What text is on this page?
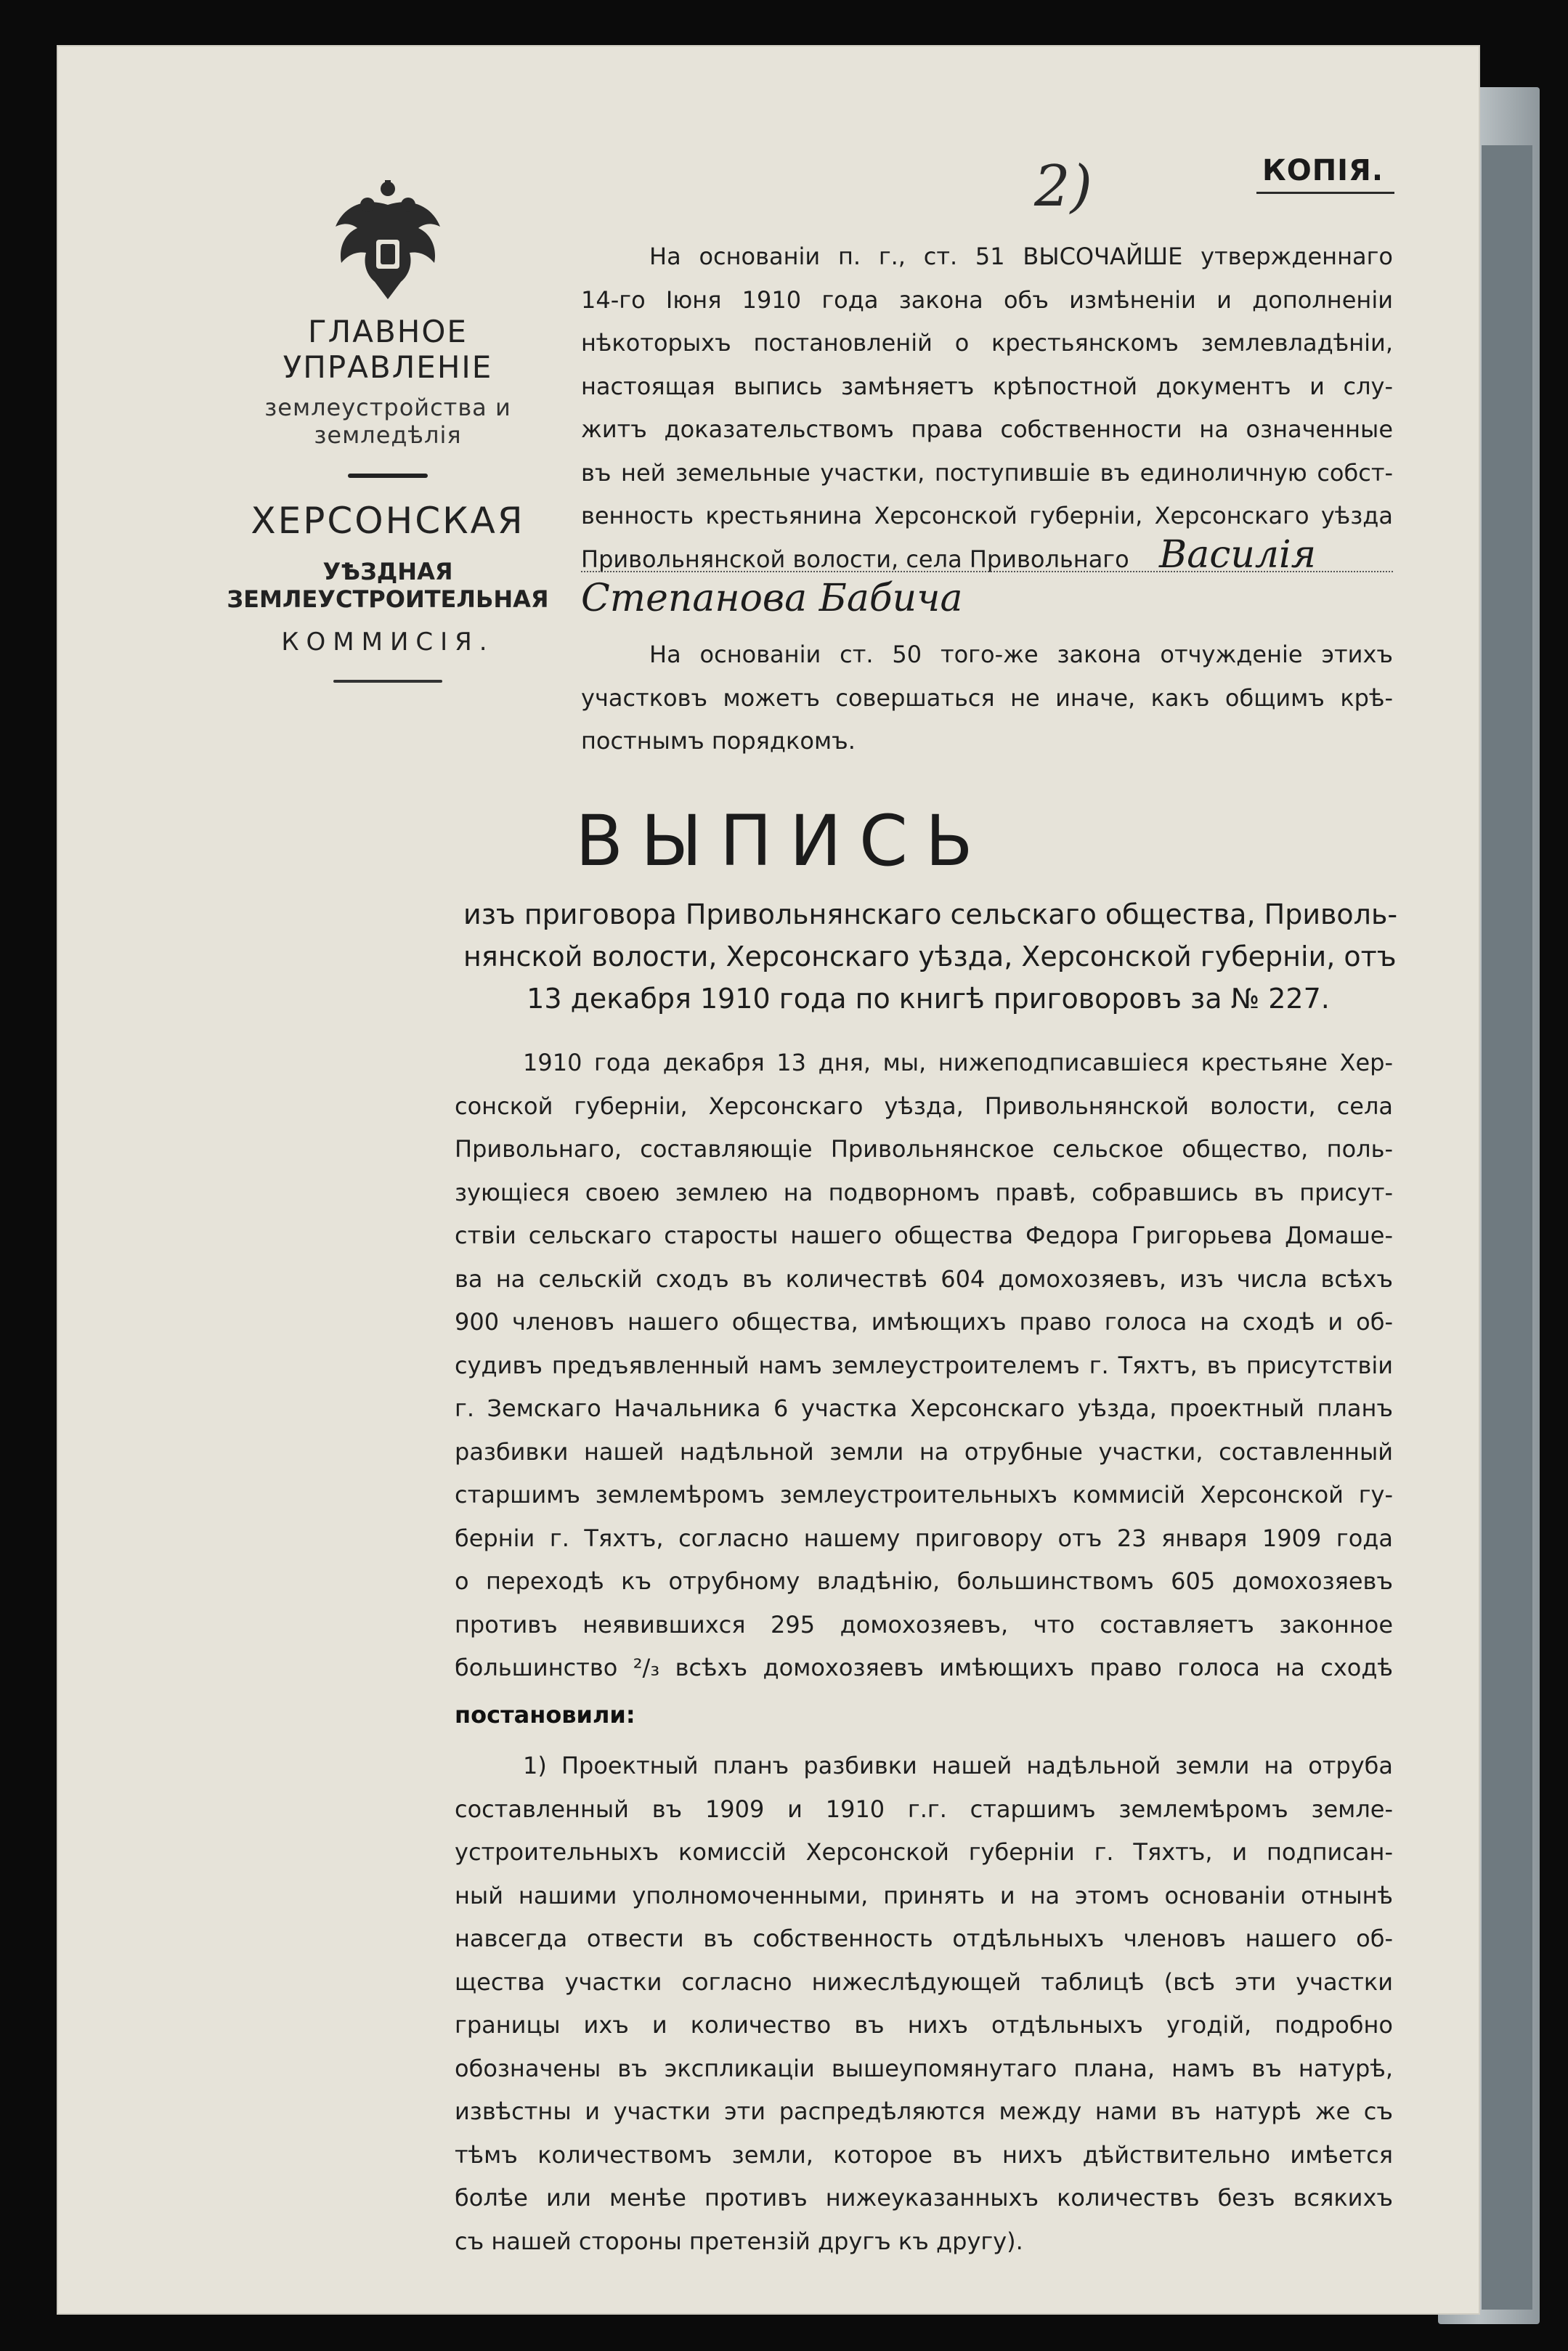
2)	КОПIЯ.
ГЛАВНОЕ УПРАВЛЕНIЕ
землеустройства и земледѣлiя
ХЕРСОНСКАЯ
УѢЗДНАЯ ЗЕМЛЕУСТРОИТЕЛЬНАЯ
КОММИСIЯ.
На основанiи п. г., ст. 51 ВЫСОЧАЙШЕ утвержденнаго
14-го Iюня 1910 года закона объ измѣненiи и дополненiи
нѣкоторыхъ постановленiй о крестьянскомъ землевладѣнiи,
настоящая выпись замѣняетъ крѣпостной документъ и слу-
житъ доказательствомъ права собственности на означенные
въ ней земельные участки, поступившiе въ единоличную собст-
венность крестьянина Херсонской губернiи, Херсонскаго уѣзда
Привольнянской волости, села Привольнаго Василiя
Степанова Бабича
На основанiи ст. 50 того-же закона отчужденiе этихъ
участковъ можетъ совершаться не иначе, какъ общимъ крѣ-
постнымъ порядкомъ.
ВЫПИСЬ
изъ приговора Привольнянскаго сельскаго общества, Приволь-
нянской волости, Херсонскаго уѣзда, Херсонской губернiи, отъ
13 декабря 1910 года по книгѣ приговоровъ за № 227.
1910 года декабря 13 дня, мы, нижеподписавшiеся крестьяне Хер-
сонской губернiи, Херсонскаго уѣзда, Привольнянской волости, села
Привольнаго, составляющiе Привольнянское сельское общество, поль-
зующiеся своею землею на подворномъ правѣ, собравшись въ присут-
ствiи сельскаго старосты нашего общества Федора Григорьева Домаше-
ва на сельскiй сходъ въ количествѣ 604 домохозяевъ, изъ числа всѣхъ
900 членовъ нашего общества, имѣющихъ право голоса на сходѣ и об-
судивъ предъявленный намъ землеустроителемъ г. Тяхтъ, въ присутствiи
г. Земскаго Начальника 6 участка Херсонскаго уѣзда, проектный планъ
разбивки нашей надѣльной земли на отрубные участки, составленный
старшимъ землемѣромъ землеустроительныхъ коммисiй Херсонской гу-
бернiи г. Тяхтъ, согласно нашему приговору отъ 23 января 1909 года
о переходѣ къ отрубному владѣнiю, большинствомъ 605 домохозяевъ
противъ неявившихся 295 домохозяевъ, что составляетъ законное
большинство ²/₃ всѣхъ домохозяевъ имѣющихъ право голоса на сходѣ
постановили:
1) Проектный планъ разбивки нашей надѣльной земли на отруба
составленный въ 1909 и 1910 г.г. старшимъ землемѣромъ земле-
устроительныхъ комиссiй Херсонской губернiи г. Тяхтъ, и подписан-
ный нашими уполномоченными, принять и на этомъ основанiи отнынѣ
навсегда отвести въ собственность отдѣльныхъ членовъ нашего об-
щества участки согласно нижеслѣдующей таблицѣ (всѣ эти участки
границы ихъ и количество въ нихъ отдѣльныхъ угодiй, подробно
обозначены въ экспликацiи вышеупомянутаго плана, намъ въ натурѣ,
извѣстны и участки эти распредѣляются между нами въ натурѣ же съ
тѣмъ количествомъ земли, которое въ нихъ дѣйствительно имѣется
болѣе или менѣе противъ нижеуказанныхъ количествъ безъ всякихъ
съ нашей стороны претензiй другъ къ другу).
